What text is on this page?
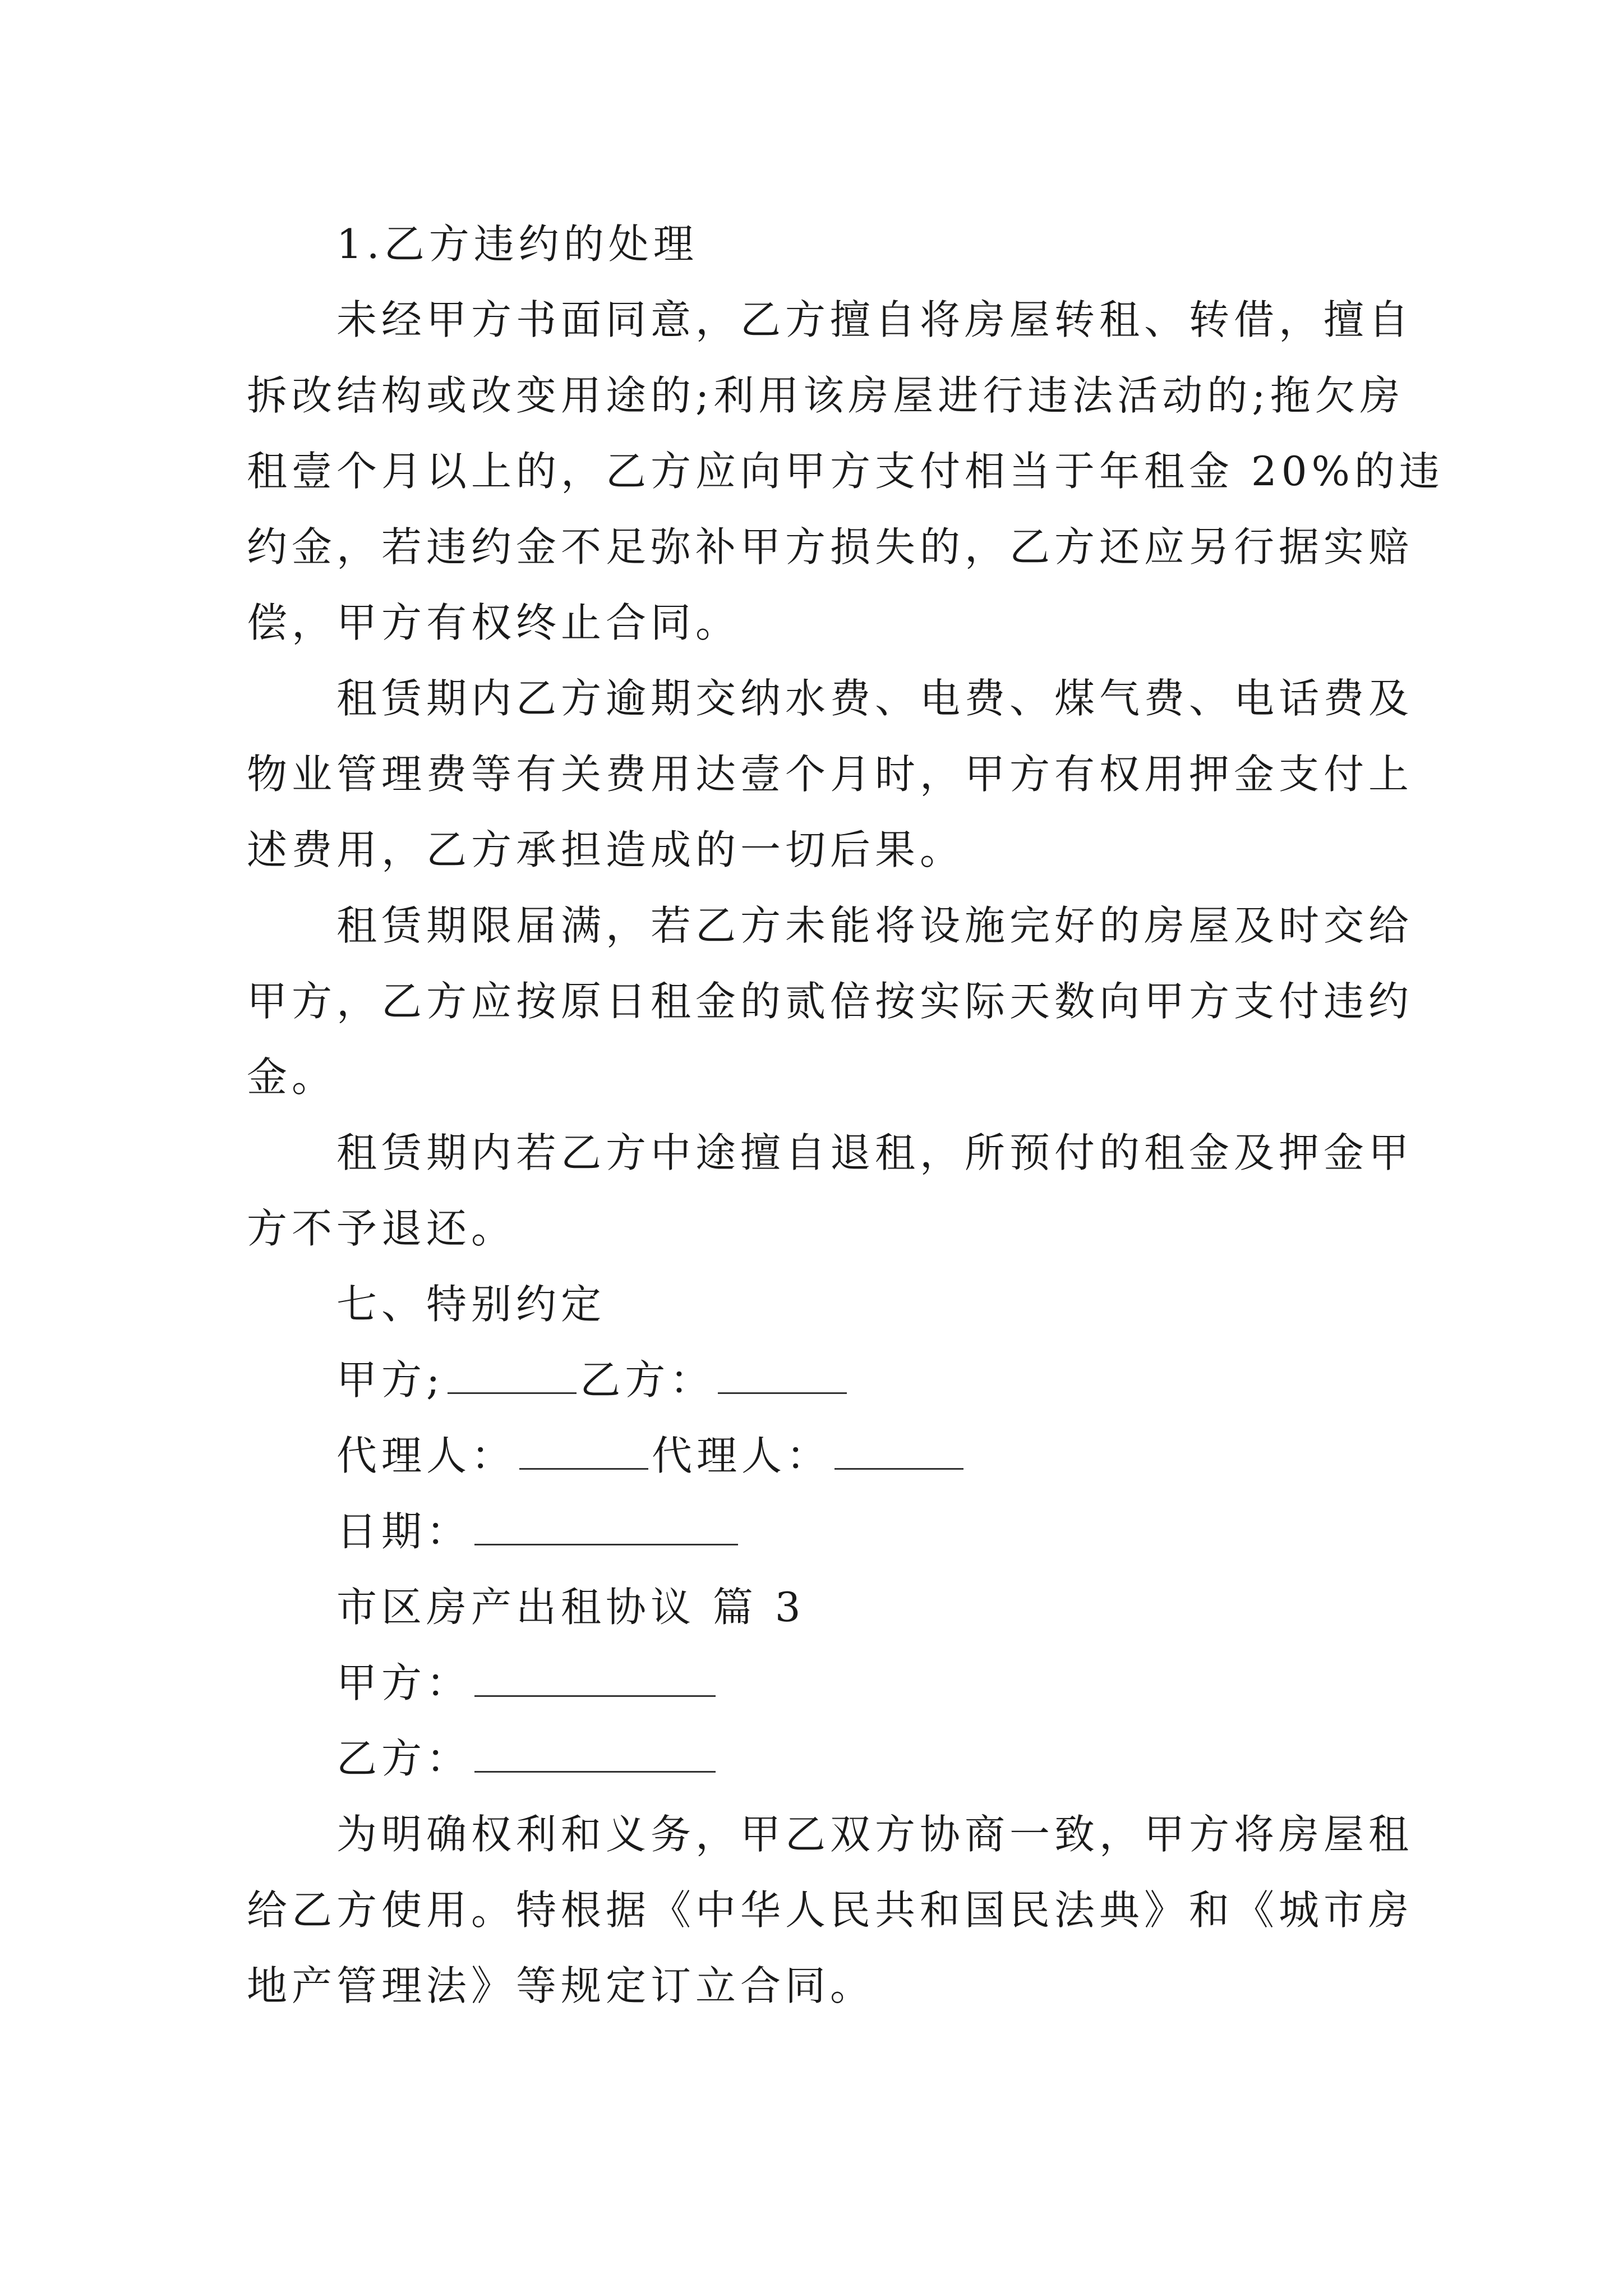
1.乙方违约的处理
未经甲方书面同意，乙方擅自将房屋转租、转借，擅自
拆改结构或改变用途的;利用该房屋进行违法活动的;拖欠房
租壹个月以上的，乙方应向甲方支付相当于年租金 20%的违
约金，若违约金不足弥补甲方损失的，乙方还应另行据实赔
偿，甲方有权终止合同。
租赁期内乙方逾期交纳水费、电费、煤气费、电话费及
物业管理费等有关费用达壹个月时，甲方有权用押金支付上
述费用，乙方承担造成的一切后果。
租赁期限届满，若乙方未能将设施完好的房屋及时交给
甲方，乙方应按原日租金的贰倍按实际天数向甲方支付违约
金。
租赁期内若乙方中途擅自退租，所预付的租金及押金甲
方不予退还。
七、特别约定
甲方;	乙方：
代理人：	代理人：
日期：
市区房产出租协议 篇 3
甲方：
乙方：
为明确权利和义务，甲乙双方协商一致，甲方将房屋租
给乙方使用。特根据《中华人民共和国民法典》和《城市房
地产管理法》等规定订立合同。
